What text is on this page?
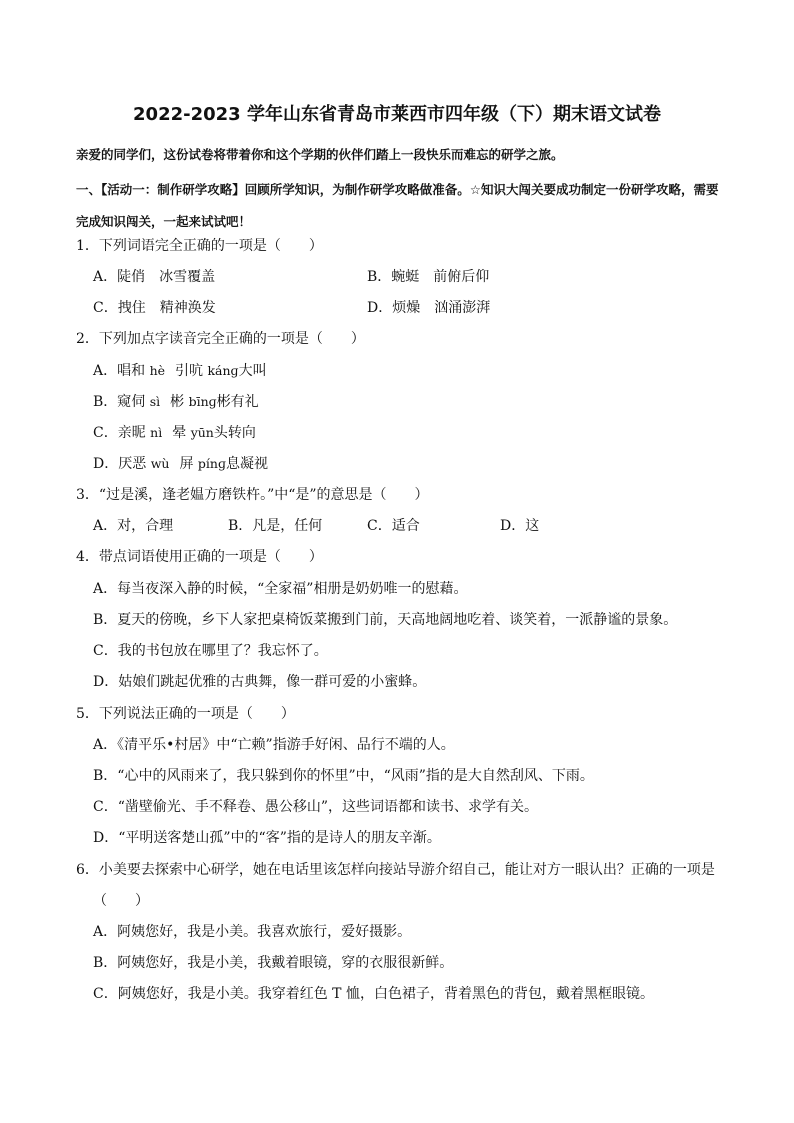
2022-2023 学年山东省青岛市莱西市四年级（下）期末语文试卷
亲爱的同学们，这份试卷将带着你和这个学期的伙伴们踏上一段快乐而难忘的研学之旅。
一、【活动一：制作研学攻略】回顾所学知识，为制作研学攻略做准备。☆知识大闯关要成功制定一份研学攻略，需要完成知识闯关，一起来试试吧！
1．下列词语完全正确的一项是（　　）
A．陡俏　冰雪覆盖	B．蜿蜓　前俯后仰
C．拽住　精神涣发	D．烦燥　汹涌澎湃
2．下列加点字读音完全正确的一项是（　　）
A．唱和 hè 引吭 kánɡ大叫
B．窥伺 sì 彬 bīnɡ彬有礼
C．亲昵 nì 晕 yūn头转向
D．厌恶 wù 屏 pínɡ息凝视
3．“过是溪，逢老媪方磨铁杵。”中“是”的意思是（　　）
A．对，合理	B．凡是，任何	C．适合	D．这
4．带点词语使用正确的一项是（　　）
A．每当夜深入静的时候，“全家福”相册是奶奶唯一的慰藉。
B．夏天的傍晚，乡下人家把桌椅饭菜搬到门前，天高地阔地吃着、谈笑着，一派静谧的景象。
C．我的书包放在哪里了？我忘怀了。
D．姑娘们跳起优雅的古典舞，像一群可爱的小蜜蜂。
5．下列说法正确的一项是（　　）
A．《清平乐•村居》中“亡赖”指游手好闲、品行不端的人。
B．“心中的风雨来了，我只躲到你的怀里”中，“风雨”指的是大自然刮风、下雨。
C．“凿壁偷光、手不释卷、愚公移山”，这些词语都和读书、求学有关。
D．“平明送客楚山孤”中的“客”指的是诗人的朋友辛渐。
6．小美要去探索中心研学，她在电话里该怎样向接站导游介绍自己，能让对方一眼认出？正确的一项是
（　　）
A．阿姨您好，我是小美。我喜欢旅行，爱好摄影。
B．阿姨您好，我是小美，我戴着眼镜，穿的衣服很新鲜。
C．阿姨您好，我是小美。我穿着红色 T 恤，白色裙子，背着黑色的背包，戴着黑框眼镜。
